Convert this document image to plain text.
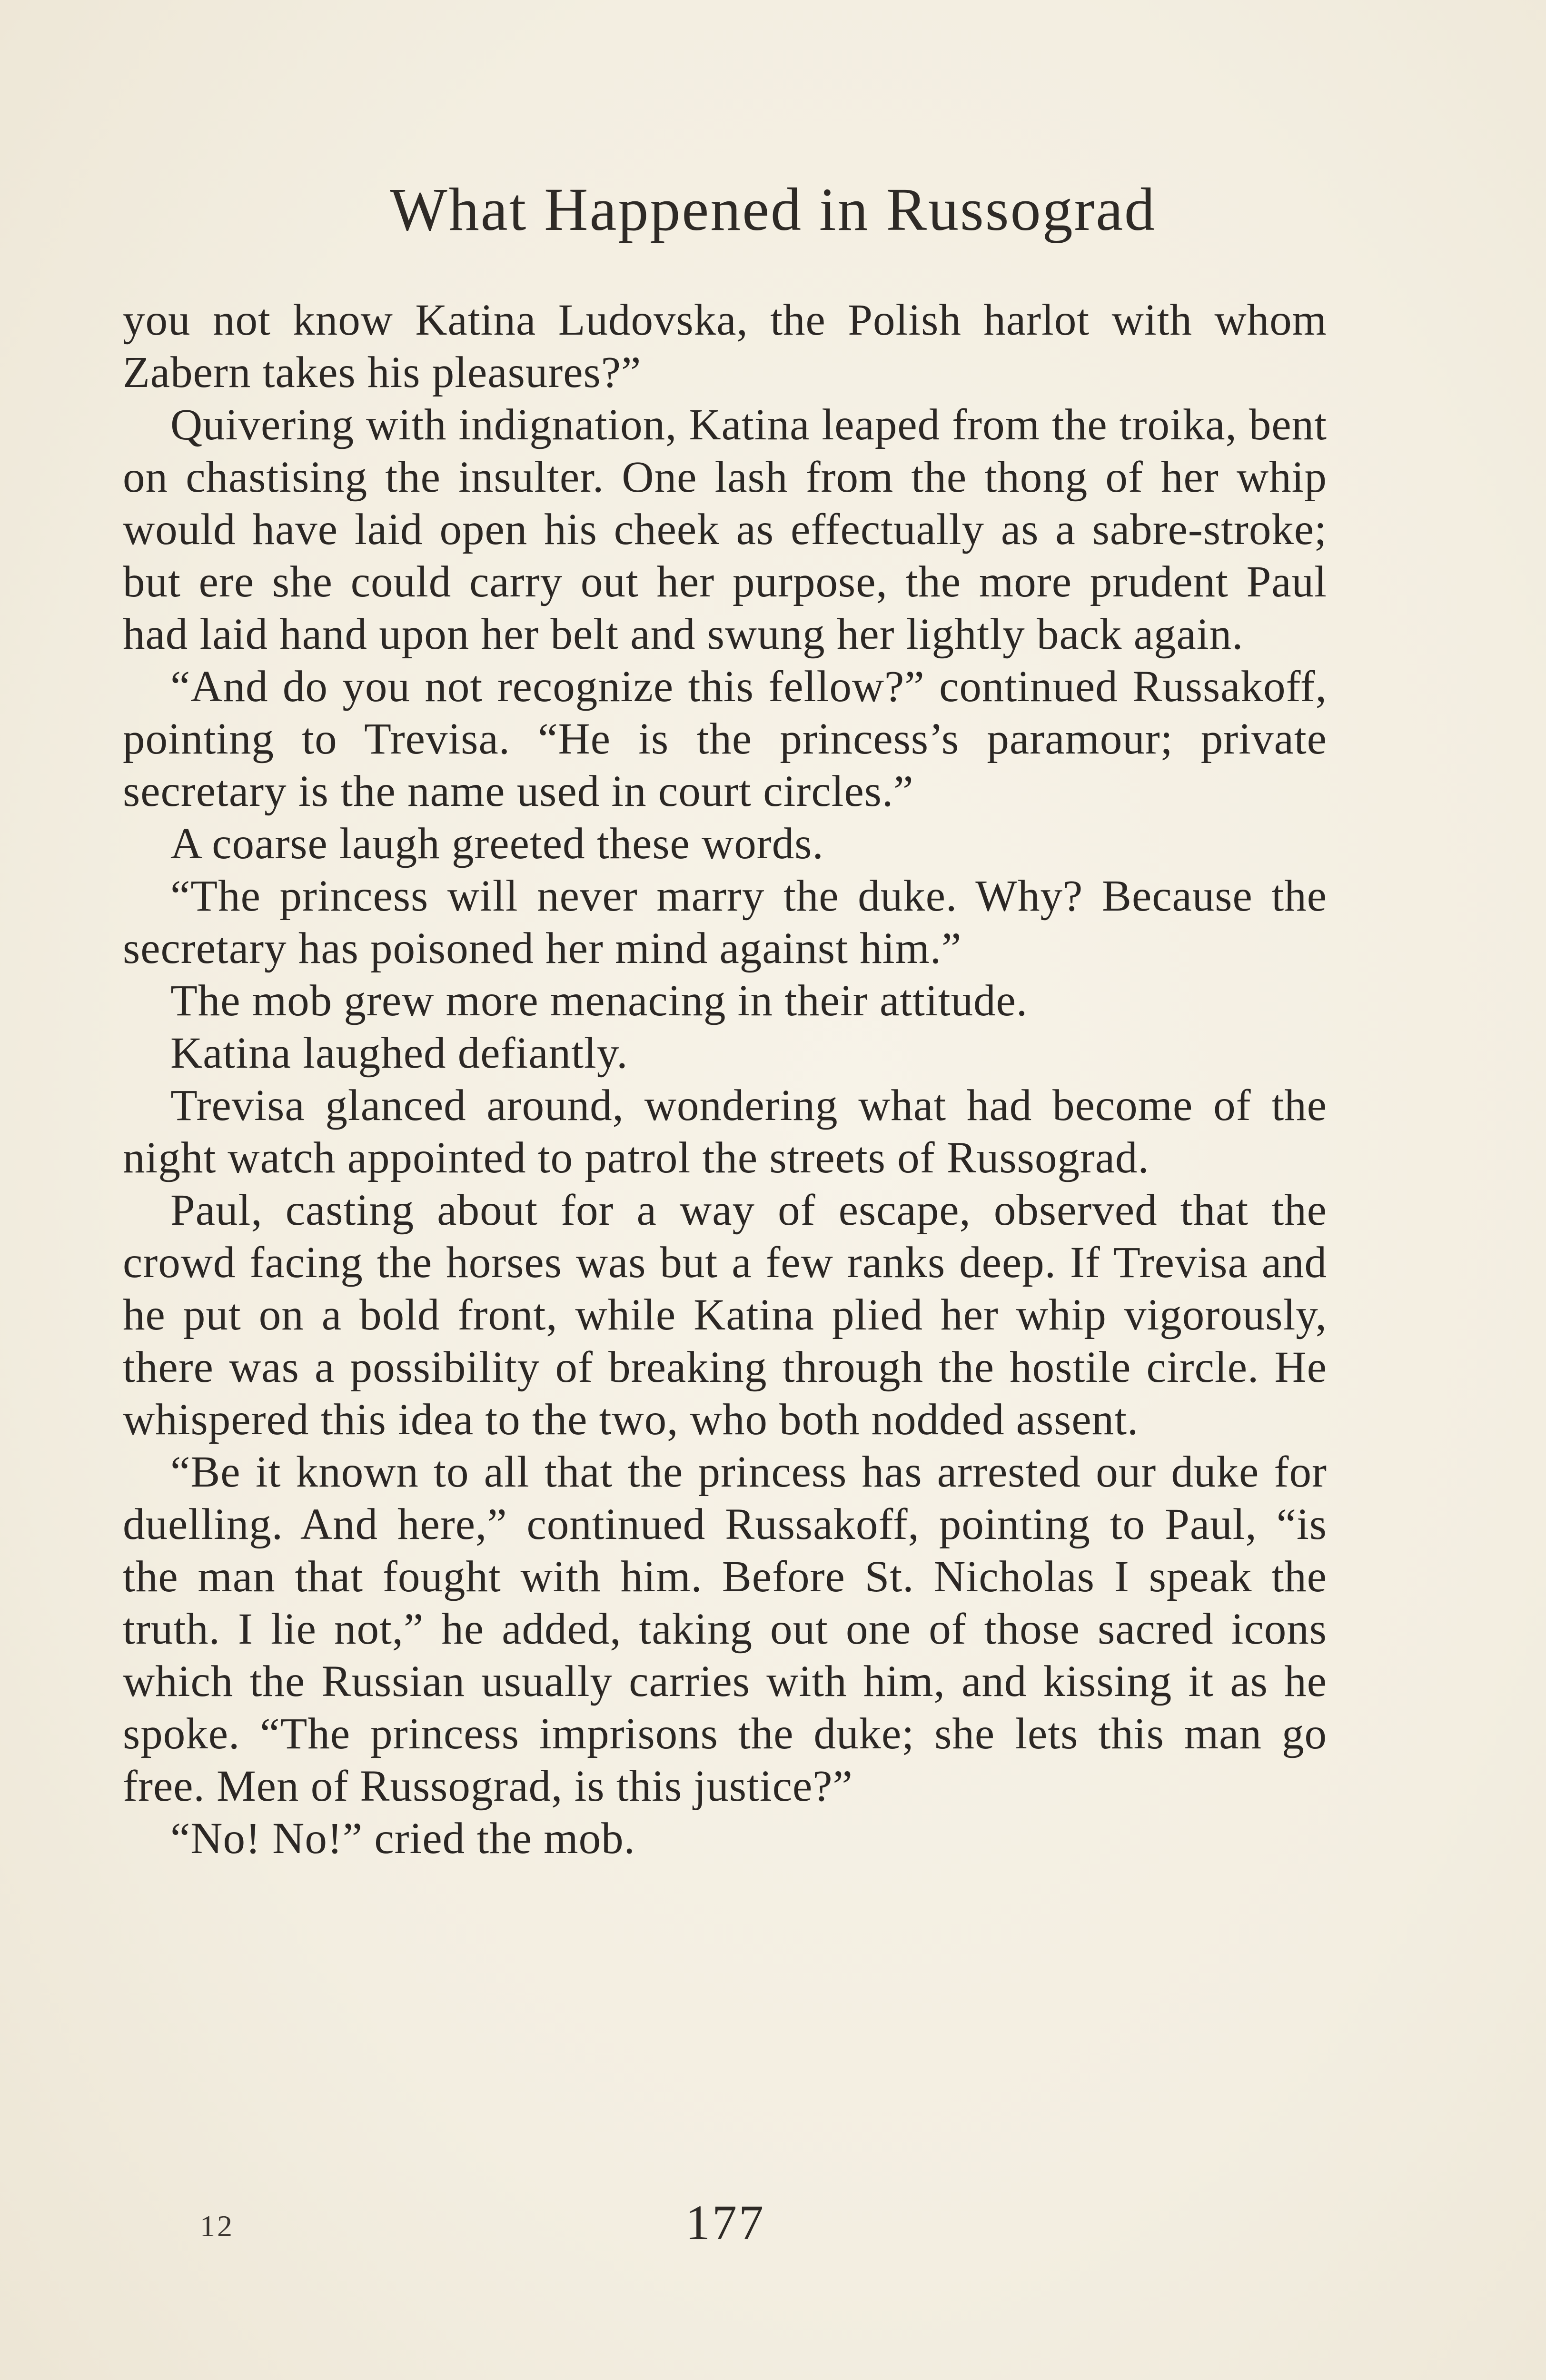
What Happened in Russograd

you not know Katina Ludovska, the Polish harlot with whom Zabern takes his pleasures?”

Quivering with indignation, Katina leaped from the troika, bent on chastising the insulter. One lash from the thong of her whip would have laid open his cheek as effectually as a sabre-stroke; but ere she could carry out her purpose, the more prudent Paul had laid hand upon her belt and swung her lightly back again.

“And do you not recognize this fellow?” continued Russakoff, pointing to Trevisa. “He is the princess’s paramour; private secretary is the name used in court circles.”

A coarse laugh greeted these words.

“The princess will never marry the duke. Why? Because the secretary has poisoned her mind against him.”

The mob grew more menacing in their attitude.

Katina laughed defiantly.

Trevisa glanced around, wondering what had become of the night watch appointed to patrol the streets of Russograd.

Paul, casting about for a way of escape, observed that the crowd facing the horses was but a few ranks deep. If Trevisa and he put on a bold front, while Katina plied her whip vigorously, there was a possibility of breaking through the hostile circle. He whispered this idea to the two, who both nodded assent.

“Be it known to all that the princess has arrested our duke for duelling. And here,” continued Russakoff, pointing to Paul, “is the man that fought with him. Before St. Nicholas I speak the truth. I lie not,” he added, taking out one of those sacred icons which the Russian usually carries with him, and kissing it as he spoke. “The princess imprisons the duke; she lets this man go free. Men of Russograd, is this justice?”

“No! No!” cried the mob.

12	177
